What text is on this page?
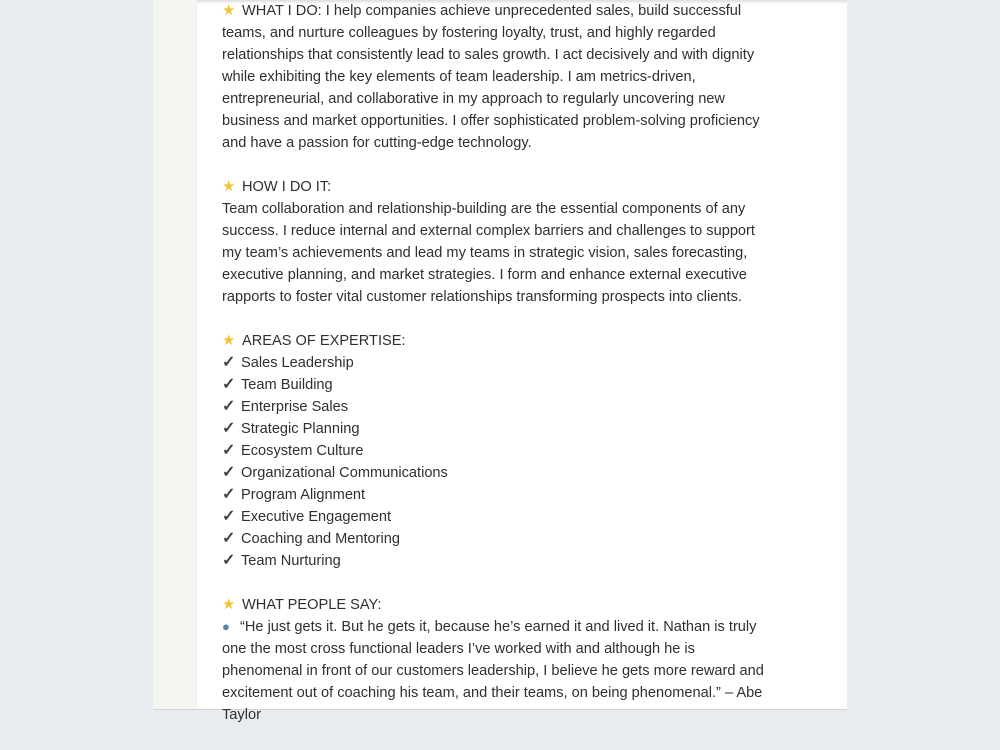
★ WHAT I DO: I help companies achieve unprecedented sales, build successful
teams, and nurture colleagues by fostering loyalty, trust, and highly regarded
relationships that consistently lead to sales growth. I act decisively and with dignity
while exhibiting the key elements of team leadership. I am metrics-driven,
entrepreneurial, and collaborative in my approach to regularly uncovering new
business and market opportunities. I offer sophisticated problem-solving proficiency
and have a passion for cutting-edge technology.
★ HOW I DO IT:
Team collaboration and relationship-building are the essential components of any
success. I reduce internal and external complex barriers and challenges to support
my team’s achievements and lead my teams in strategic vision, sales forecasting,
executive planning, and market strategies. I form and enhance external executive
rapports to foster vital customer relationships transforming prospects into clients.
★ AREAS OF EXPERTISE:
✓ Sales Leadership
✓ Team Building
✓ Enterprise Sales
✓ Strategic Planning
✓ Ecosystem Culture
✓ Organizational Communications
✓ Program Alignment
✓ Executive Engagement
✓ Coaching and Mentoring
✓ Team Nurturing
★ WHAT PEOPLE SAY:
● “He just gets it. But he gets it, because he’s earned it and lived it. Nathan is truly
one the most cross functional leaders I’ve worked with and although he is
phenomenal in front of our customers leadership, I believe he gets more reward and
excitement out of coaching his team, and their teams, on being phenomenal.” – Abe
Taylor
